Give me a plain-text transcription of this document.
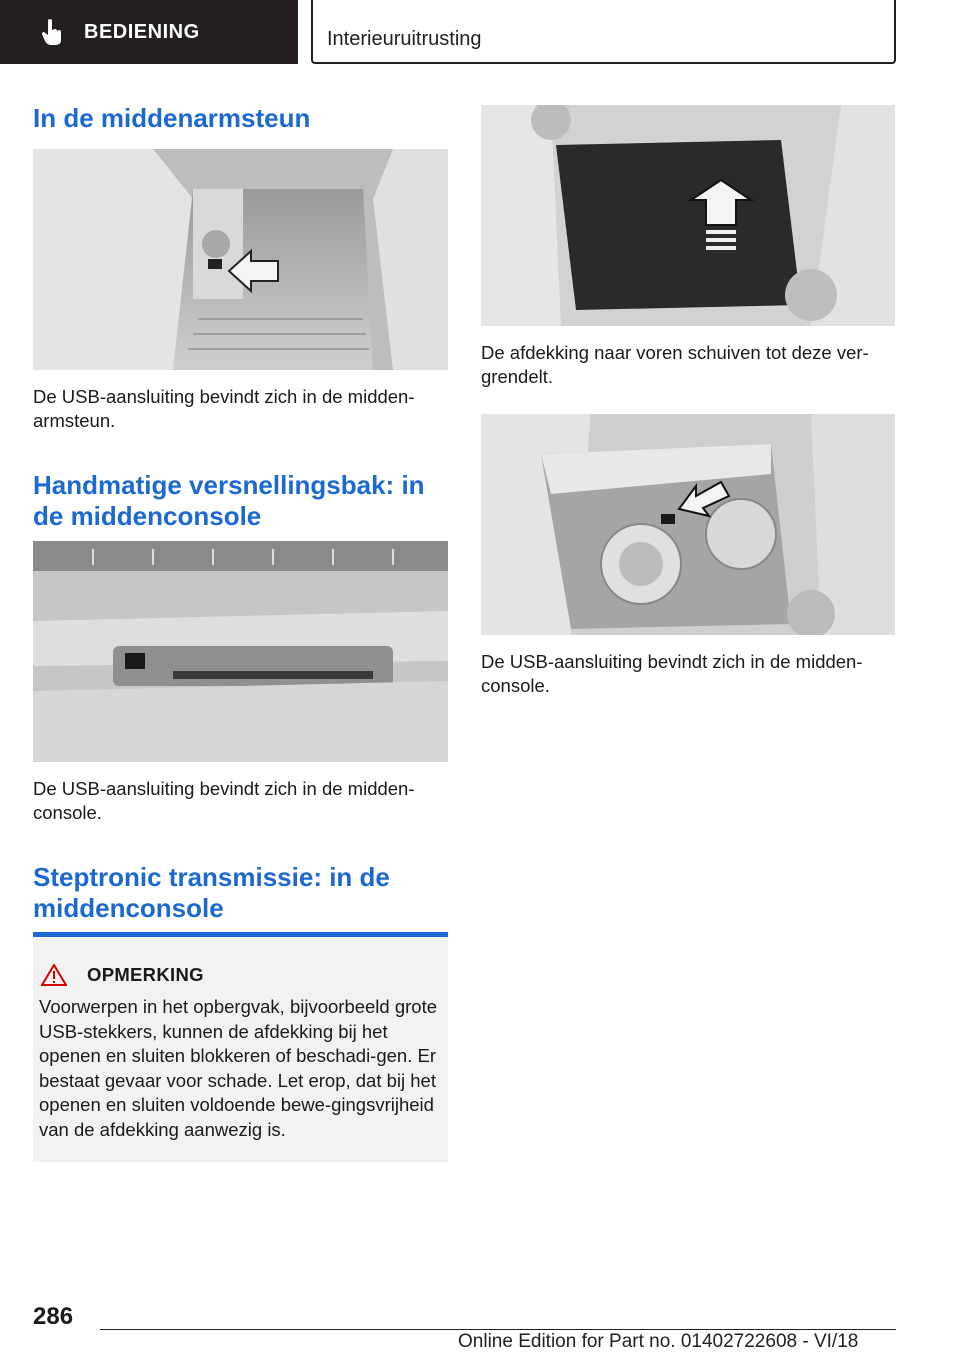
BEDIENING	Interieuruitrusting
In de middenarmsteun
De USB-aansluiting bevindt zich in de midden-armsteun.
Handmatige versnellingsbak: in de middenconsole
De USB-aansluiting bevindt zich in de midden-console.
Steptronic transmissie: in de middenconsole
OPMERKING
Voorwerpen in het opbergvak, bijvoorbeeld grote USB-stekkers, kunnen de afdekking bij het openen en sluiten blokkeren of beschadi-gen. Er bestaat gevaar voor schade. Let erop, dat bij het openen en sluiten voldoende bewe-gingsvrijheid van de afdekking aanwezig is.
De afdekking naar voren schuiven tot deze ver-grendelt.
De USB-aansluiting bevindt zich in de midden-console.
286
Online Edition for Part no. 01402722608 - VI/18
